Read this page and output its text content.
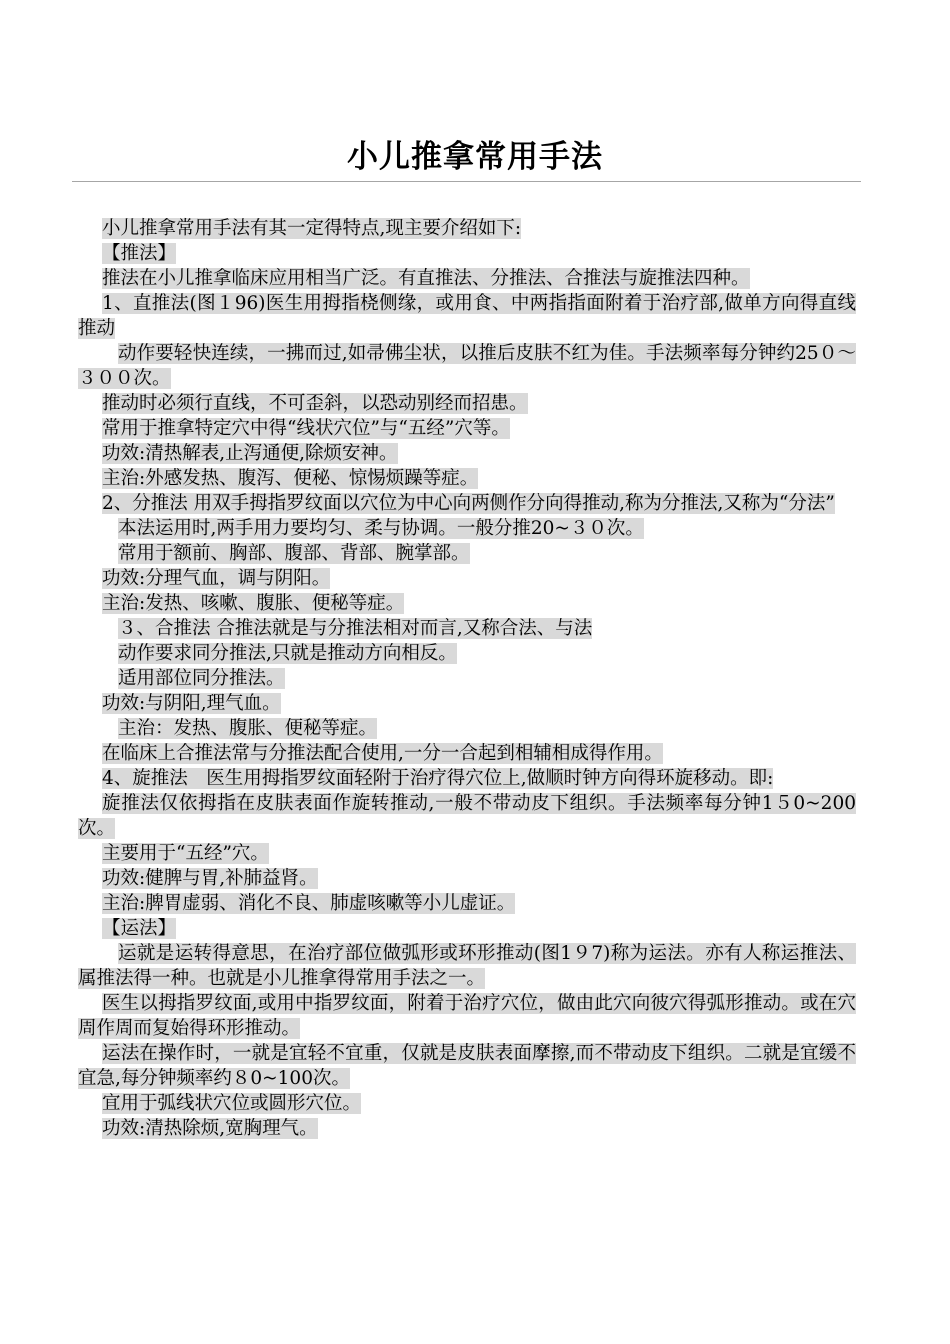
小儿推拿常用手法

小儿推拿常用手法有其一定得特点,现主要介绍如下:

【推法】

推法在小儿推拿临床应用相当广泛。有直推法、分推法、合推法与旋推法四种。

1、直推法(图１96)医生用拇指桡侧缘，或用食、中两指指面附着于治疗部,做单方向得直线推动

动作要轻快连续，一拂而过,如帚佛尘状，以推后皮肤不红为佳。手法频率每分钟约25０～３００次。

推动时必须行直线，不可歪斜，以恐动别经而招患。

常用于推拿特定穴中得“线状穴位”与“五经”穴等。

功效:清热解表,止泻通便,除烦安神。

主治:外感发热、腹泻、便秘、惊惕烦躁等症。

2、分推法 用双手拇指罗纹面以穴位为中心向两侧作分向得推动,称为分推法,又称为“分法”

本法运用时,两手用力要均匀、柔与协调。一般分推20~３０次。

常用于额前、胸部、腹部、背部、腕掌部。

功效:分理气血，调与阴阳。

主治:发热、咳嗽、腹胀、便秘等症。

３、合推法 合推法就是与分推法相对而言,又称合法、与法

动作要求同分推法,只就是推动方向相反。

适用部位同分推法。

功效:与阴阳,理气血。

主治：发热、腹胀、便秘等症。

在临床上合推法常与分推法配合使用,一分一合起到相辅相成得作用。

4、旋推法　医生用拇指罗纹面轻附于治疗得穴位上,做顺时钟方向得环旋移动。即:

旋推法仅依拇指在皮肤表面作旋转推动,一般不带动皮下组织。手法频率每分钟1５0~200次。

主要用于“五经”穴。

功效:健脾与胃,补肺益肾。

主治:脾胃虚弱、消化不良、肺虚咳嗽等小儿虚证。

【运法】

运就是运转得意思，在治疗部位做弧形或环形推动(图1９7)称为运法。亦有人称运推法、属推法得一种。也就是小儿推拿得常用手法之一。

医生以拇指罗纹面,或用中指罗纹面，附着于治疗穴位，做由此穴向彼穴得弧形推动。或在穴周作周而复始得环形推动。

运法在操作时，一就是宜轻不宜重，仅就是皮肤表面摩擦,而不带动皮下组织。二就是宜缓不宜急,每分钟频率约８0~100次。

宜用于弧线状穴位或圆形穴位。

功效:清热除烦,宽胸理气。
